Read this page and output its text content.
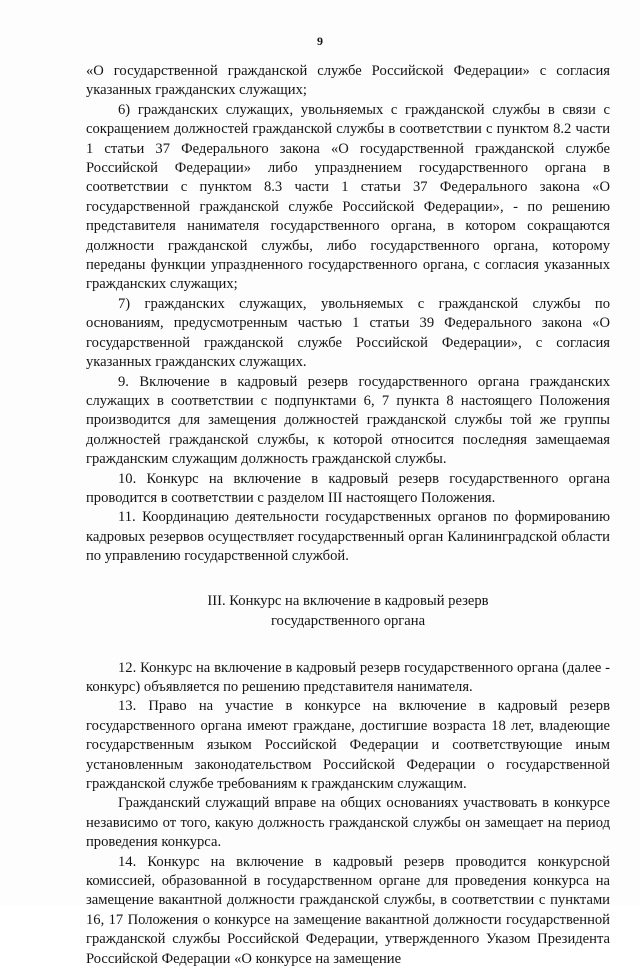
9

«О государственной гражданской службе Российской Федерации» с согласия указанных гражданских служащих;

6) гражданских служащих, увольняемых с гражданской службы в связи с сокращением должностей гражданской службы в соответствии с пунктом 8.2 части 1 статьи 37 Федерального закона «О государственной гражданской службе Российской Федерации» либо упразднением государственного органа в соответствии с пунктом 8.3 части 1 статьи 37 Федерального закона «О государственной гражданской службе Российской Федерации», - по решению представителя нанимателя государственного органа, в котором сокращаются должности гражданской службы, либо государственного органа, которому переданы функции упраздненного государственного органа, с согласия указанных гражданских служащих;

7) гражданских служащих, увольняемых с гражданской службы по основаниям, предусмотренным частью 1 статьи 39 Федерального закона «О государственной гражданской службе Российской Федерации», с согласия указанных гражданских служащих.

9. Включение в кадровый резерв государственного органа гражданских служащих в соответствии с подпунктами 6, 7 пункта 8 настоящего Положения производится для замещения должностей гражданской службы той же группы должностей гражданской службы, к которой относится последняя замещаемая гражданским служащим должность гражданской службы.

10. Конкурс на включение в кадровый резерв государственного органа проводится в соответствии с разделом III настоящего Положения.

11. Координацию деятельности государственных органов по формированию кадровых резервов осуществляет государственный орган Калининградской области по управлению государственной службой.

III. Конкурс на включение в кадровый резерв
государственного органа

12. Конкурс на включение в кадровый резерв государственного органа (далее - конкурс) объявляется по решению представителя нанимателя.

13. Право на участие в конкурсе на включение в кадровый резерв государственного органа имеют граждане, достигшие возраста 18 лет, владеющие государственным языком Российской Федерации и соответствующие иным установленным законодательством Российской Федерации о государственной гражданской службе требованиям к гражданским служащим.

Гражданский служащий вправе на общих основаниях участвовать в конкурсе независимо от того, какую должность гражданской службы он замещает на период проведения конкурса.

14. Конкурс на включение в кадровый резерв проводится конкурсной комиссией, образованной в государственном органе для проведения конкурса на замещение вакантной должности гражданской службы, в соответствии с пунктами 16, 17 Положения о конкурсе на замещение вакантной должности государственной гражданской службы Российской Федерации, утвержденного Указом Президента Российской Федерации «О конкурсе на замещение
